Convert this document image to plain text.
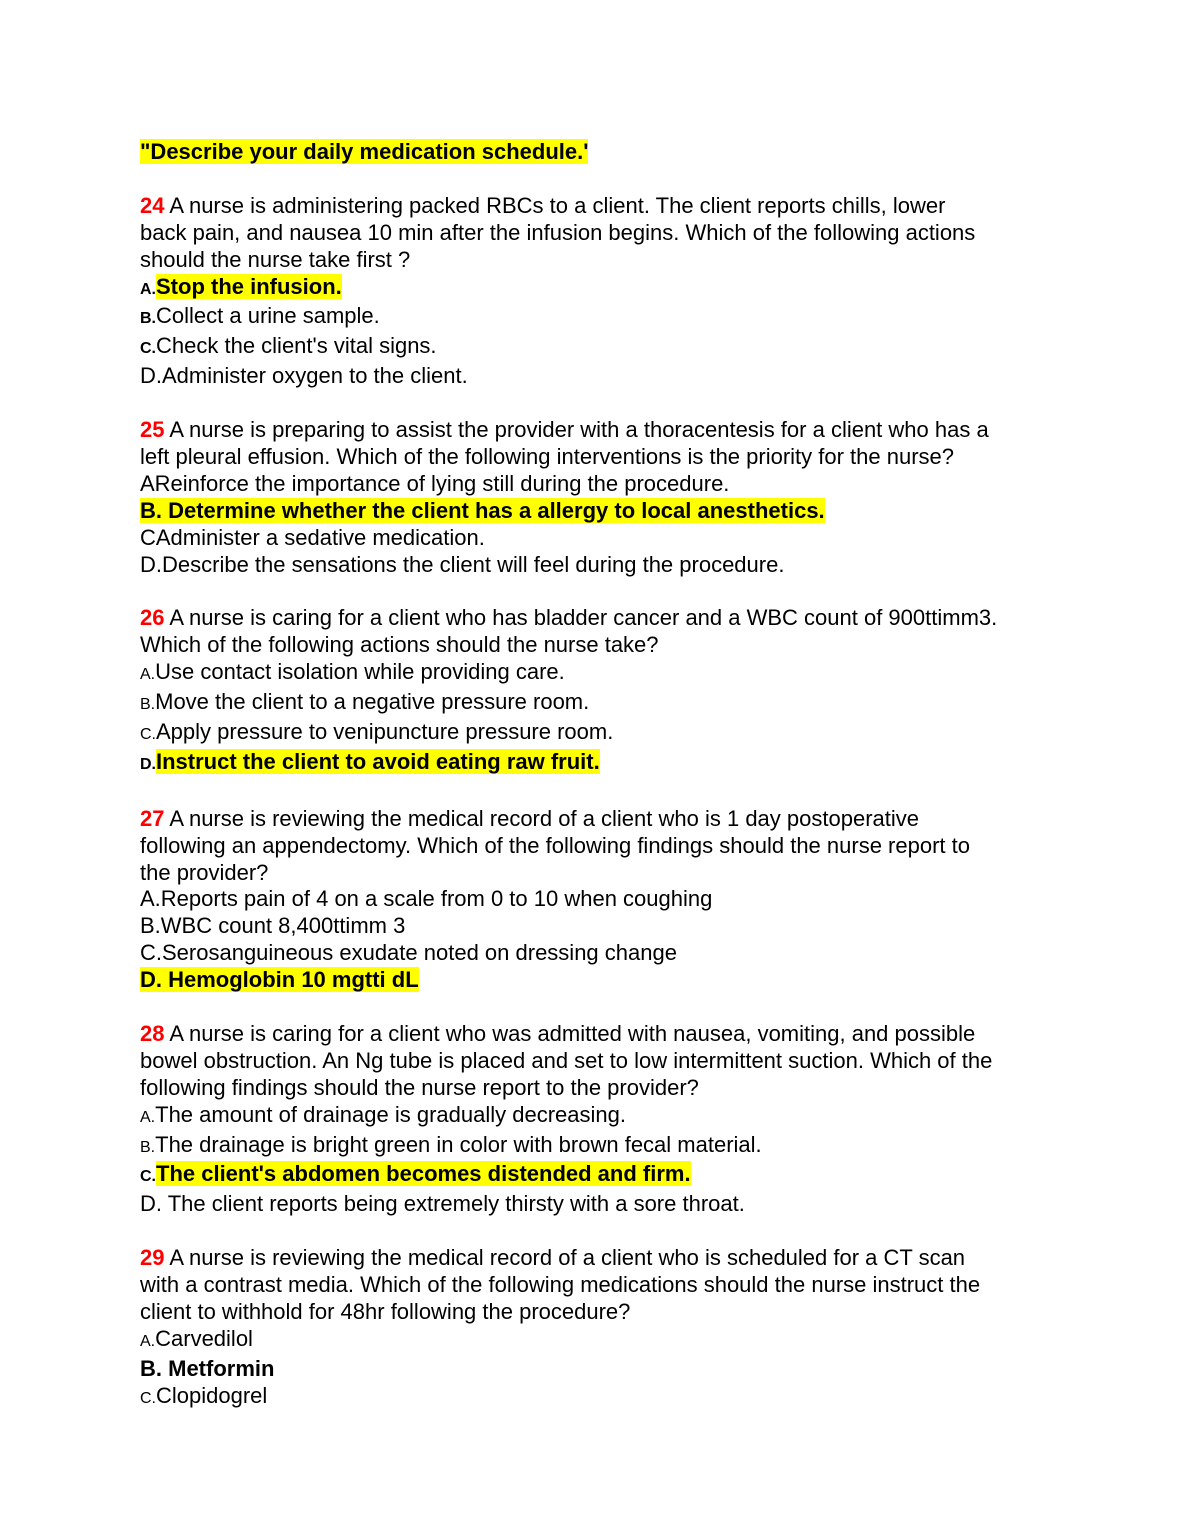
"Describe your daily medication schedule.'
24 A nurse is administering packed RBCs to a client. The client reports chills, lower
back pain, and nausea 10 min after the infusion begins. Which of the following actions
should the nurse take first ?
A.Stop the infusion.
B.Collect a urine sample.
C.Check the client's vital signs.
D.Administer oxygen to the client.
25 A nurse is preparing to assist the provider with a thoracentesis for a client who has a
left pleural effusion. Which of the following interventions is the priority for the nurse?
AReinforce the importance of lying still during the procedure.
B. Determine whether the client has a allergy to local anesthetics.
CAdminister a sedative medication.
D.Describe the sensations the client will feel during the procedure.
26 A nurse is caring for a client who has bladder cancer and a WBC count of 900ttimm3.
Which of the following actions should the nurse take?
A.Use contact isolation while providing care.
B.Move the client to a negative pressure room.
C.Apply pressure to venipuncture pressure room.
D.Instruct the client to avoid eating raw fruit.
27 A nurse is reviewing the medical record of a client who is 1 day postoperative
following an appendectomy. Which of the following findings should the nurse report to
the provider?
A.Reports pain of 4 on a scale from 0 to 10 when coughing
B.WBC count 8,400ttimm 3
C.Serosanguineous exudate noted on dressing change
D. Hemoglobin 10 mgtti dL
28 A nurse is caring for a client who was admitted with nausea, vomiting, and possible
bowel obstruction. An Ng tube is placed and set to low intermittent suction. Which of the
following findings should the nurse report to the provider?
A.The amount of drainage is gradually decreasing.
B.The drainage is bright green in color with brown fecal material.
C.The client's abdomen becomes distended and firm.
D. The client reports being extremely thirsty with a sore throat.
29 A nurse is reviewing the medical record of a client who is scheduled for a CT scan
with a contrast media. Which of the following medications should the nurse instruct the
client to withhold for 48hr following the procedure?
A.Carvedilol
B. Metformin
C.Clopidogrel
